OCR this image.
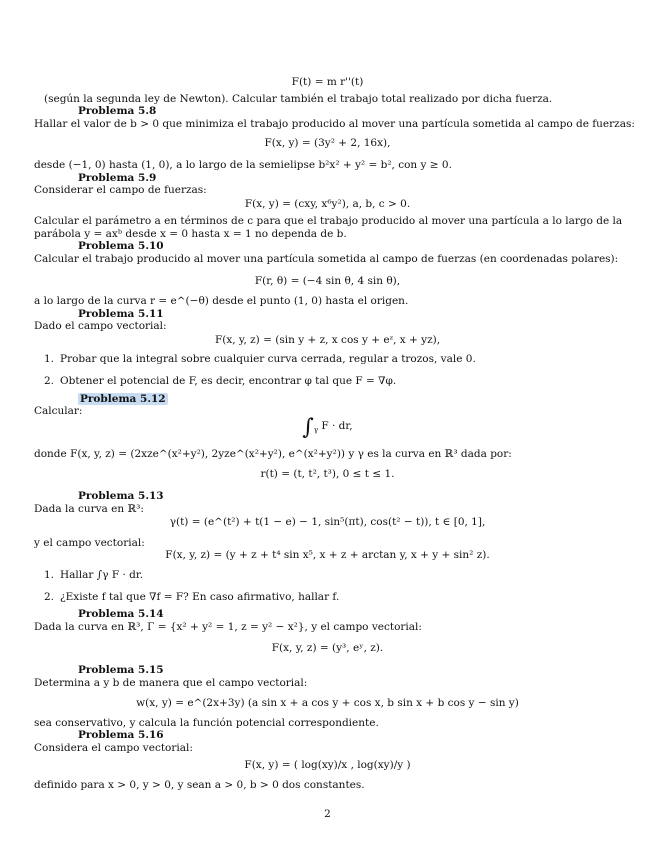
F(t) = m r''(t)
(según la segunda ley de Newton). Calcular también el trabajo total realizado por dicha fuerza.
Problema 5.8
Hallar el valor de b > 0 que minimiza el trabajo producido al mover una partícula sometida al campo de fuerzas:
F(x, y) = (3y² + 2, 16x),
desde (−1, 0) hasta (1, 0), a lo largo de la semielipse b²x² + y² = b², con y ≥ 0.
Problema 5.9
Considerar el campo de fuerzas:
F(x, y) = (cxy, x⁶y²), a, b, c > 0.
Calcular el parámetro a en términos de c para que el trabajo producido al mover una partícula a lo largo de la
parábola y = axᵇ desde x = 0 hasta x = 1 no dependa de b.
Problema 5.10
Calcular el trabajo producido al mover una partícula sometida al campo de fuerzas (en coordenadas polares):
F(r, θ) = (−4 sin θ, 4 sin θ),
a lo largo de la curva r = e^(−θ) desde el punto (1, 0) hasta el origen.
Problema 5.11
Dado el campo vectorial:
F(x, y, z) = (sin y + z, x cos y + eᶻ, x + yz),
1. Probar que la integral sobre cualquier curva cerrada, regular a trozos, vale 0.
2. Obtener el potencial de F, es decir, encontrar φ tal que F = ∇φ.
Problema 5.12
Calcular:
$\int_\gamma$ F · dr,
donde F(x, y, z) = (2xze^(x²+y²), 2yze^(x²+y²), e^(x²+y²)) y γ es la curva en ℝ³ dada por:
r(t) = (t, t², t³), 0 ≤ t ≤ 1.
Problema 5.13
Dada la curva en ℝ³:
γ(t) = (e^(t²) + t(1 − e) − 1, sin⁵(πt), cos(t² − t)), t ∈ [0, 1],
y el campo vectorial:
F(x, y, z) = (y + z + t⁴ sin x⁵, x + z + arctan y, x + y + sin² z).
1. Hallar ∫γ F · dr.
2. ¿Existe f tal que ∇f = F? En caso afirmativo, hallar f.
Problema 5.14
Dada la curva en ℝ³, Γ = {x² + y² = 1, z = y² − x²}, y el campo vectorial:
F(x, y, z) = (y³, eʸ, z).
Problema 5.15
Determina a y b de manera que el campo vectorial:
w(x, y) = e^(2x+3y) (a sin x + a cos y + cos x, b sin x + b cos y − sin y)
sea conservativo, y calcula la función potencial correspondiente.
Problema 5.16
Considera el campo vectorial:
F(x, y) = ( log(xy)/x , log(xy)/y )
definido para x > 0, y > 0, y sean a > 0, b > 0 dos constantes.
2
